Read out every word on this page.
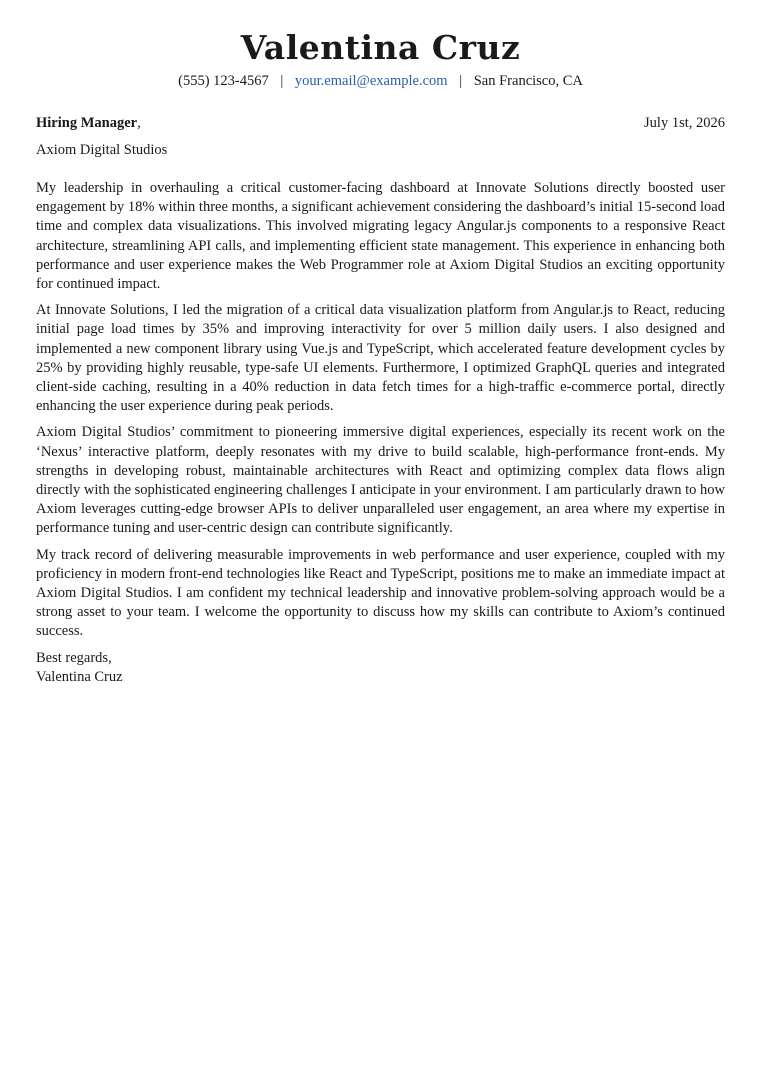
Valentina Cruz
(555) 123-4567 | your.email@example.com | San Francisco, CA
Hiring Manager,	July 1st, 2026
Axiom Digital Studios

My leadership in overhauling a critical customer-facing dashboard at Innovate Solutions directly boosted user engagement by 18% within three months, a significant achievement considering the dashboard’s initial 15-second load time and complex data visualizations. This involved migrating legacy Angular.js components to a responsive React architecture, streamlining API calls, and implementing efficient state management. This experience in enhancing both performance and user experience makes the Web Programmer role at Axiom Digital Studios an exciting opportunity for continued impact.

At Innovate Solutions, I led the migration of a critical data visualization platform from Angular.js to React, reducing initial page load times by 35% and improving interactivity for over 5 million daily users. I also designed and implemented a new component library using Vue.js and TypeScript, which accelerated feature development cycles by 25% by providing highly reusable, type-safe UI elements. Furthermore, I optimized GraphQL queries and integrated client-side caching, resulting in a 40% reduction in data fetch times for a high-traffic e-commerce portal, directly enhancing the user experience during peak periods.

Axiom Digital Studios’ commitment to pioneering immersive digital experiences, especially its recent work on the ‘Nexus’ interactive platform, deeply resonates with my drive to build scalable, high-performance front-ends. My strengths in developing robust, maintainable architectures with React and optimizing complex data flows align directly with the sophisticated engineering challenges I anticipate in your environment. I am particularly drawn to how Axiom leverages cutting-edge browser APIs to deliver unparalleled user engagement, an area where my expertise in performance tuning and user-centric design can contribute significantly.

My track record of delivering measurable improvements in web performance and user experience, coupled with my proficiency in modern front-end technologies like React and TypeScript, positions me to make an immediate impact at Axiom Digital Studios. I am confident my technical leadership and innovative problem-solving approach would be a strong asset to your team. I welcome the opportunity to discuss how my skills can contribute to Axiom’s continued success.

Best regards,
Valentina Cruz
